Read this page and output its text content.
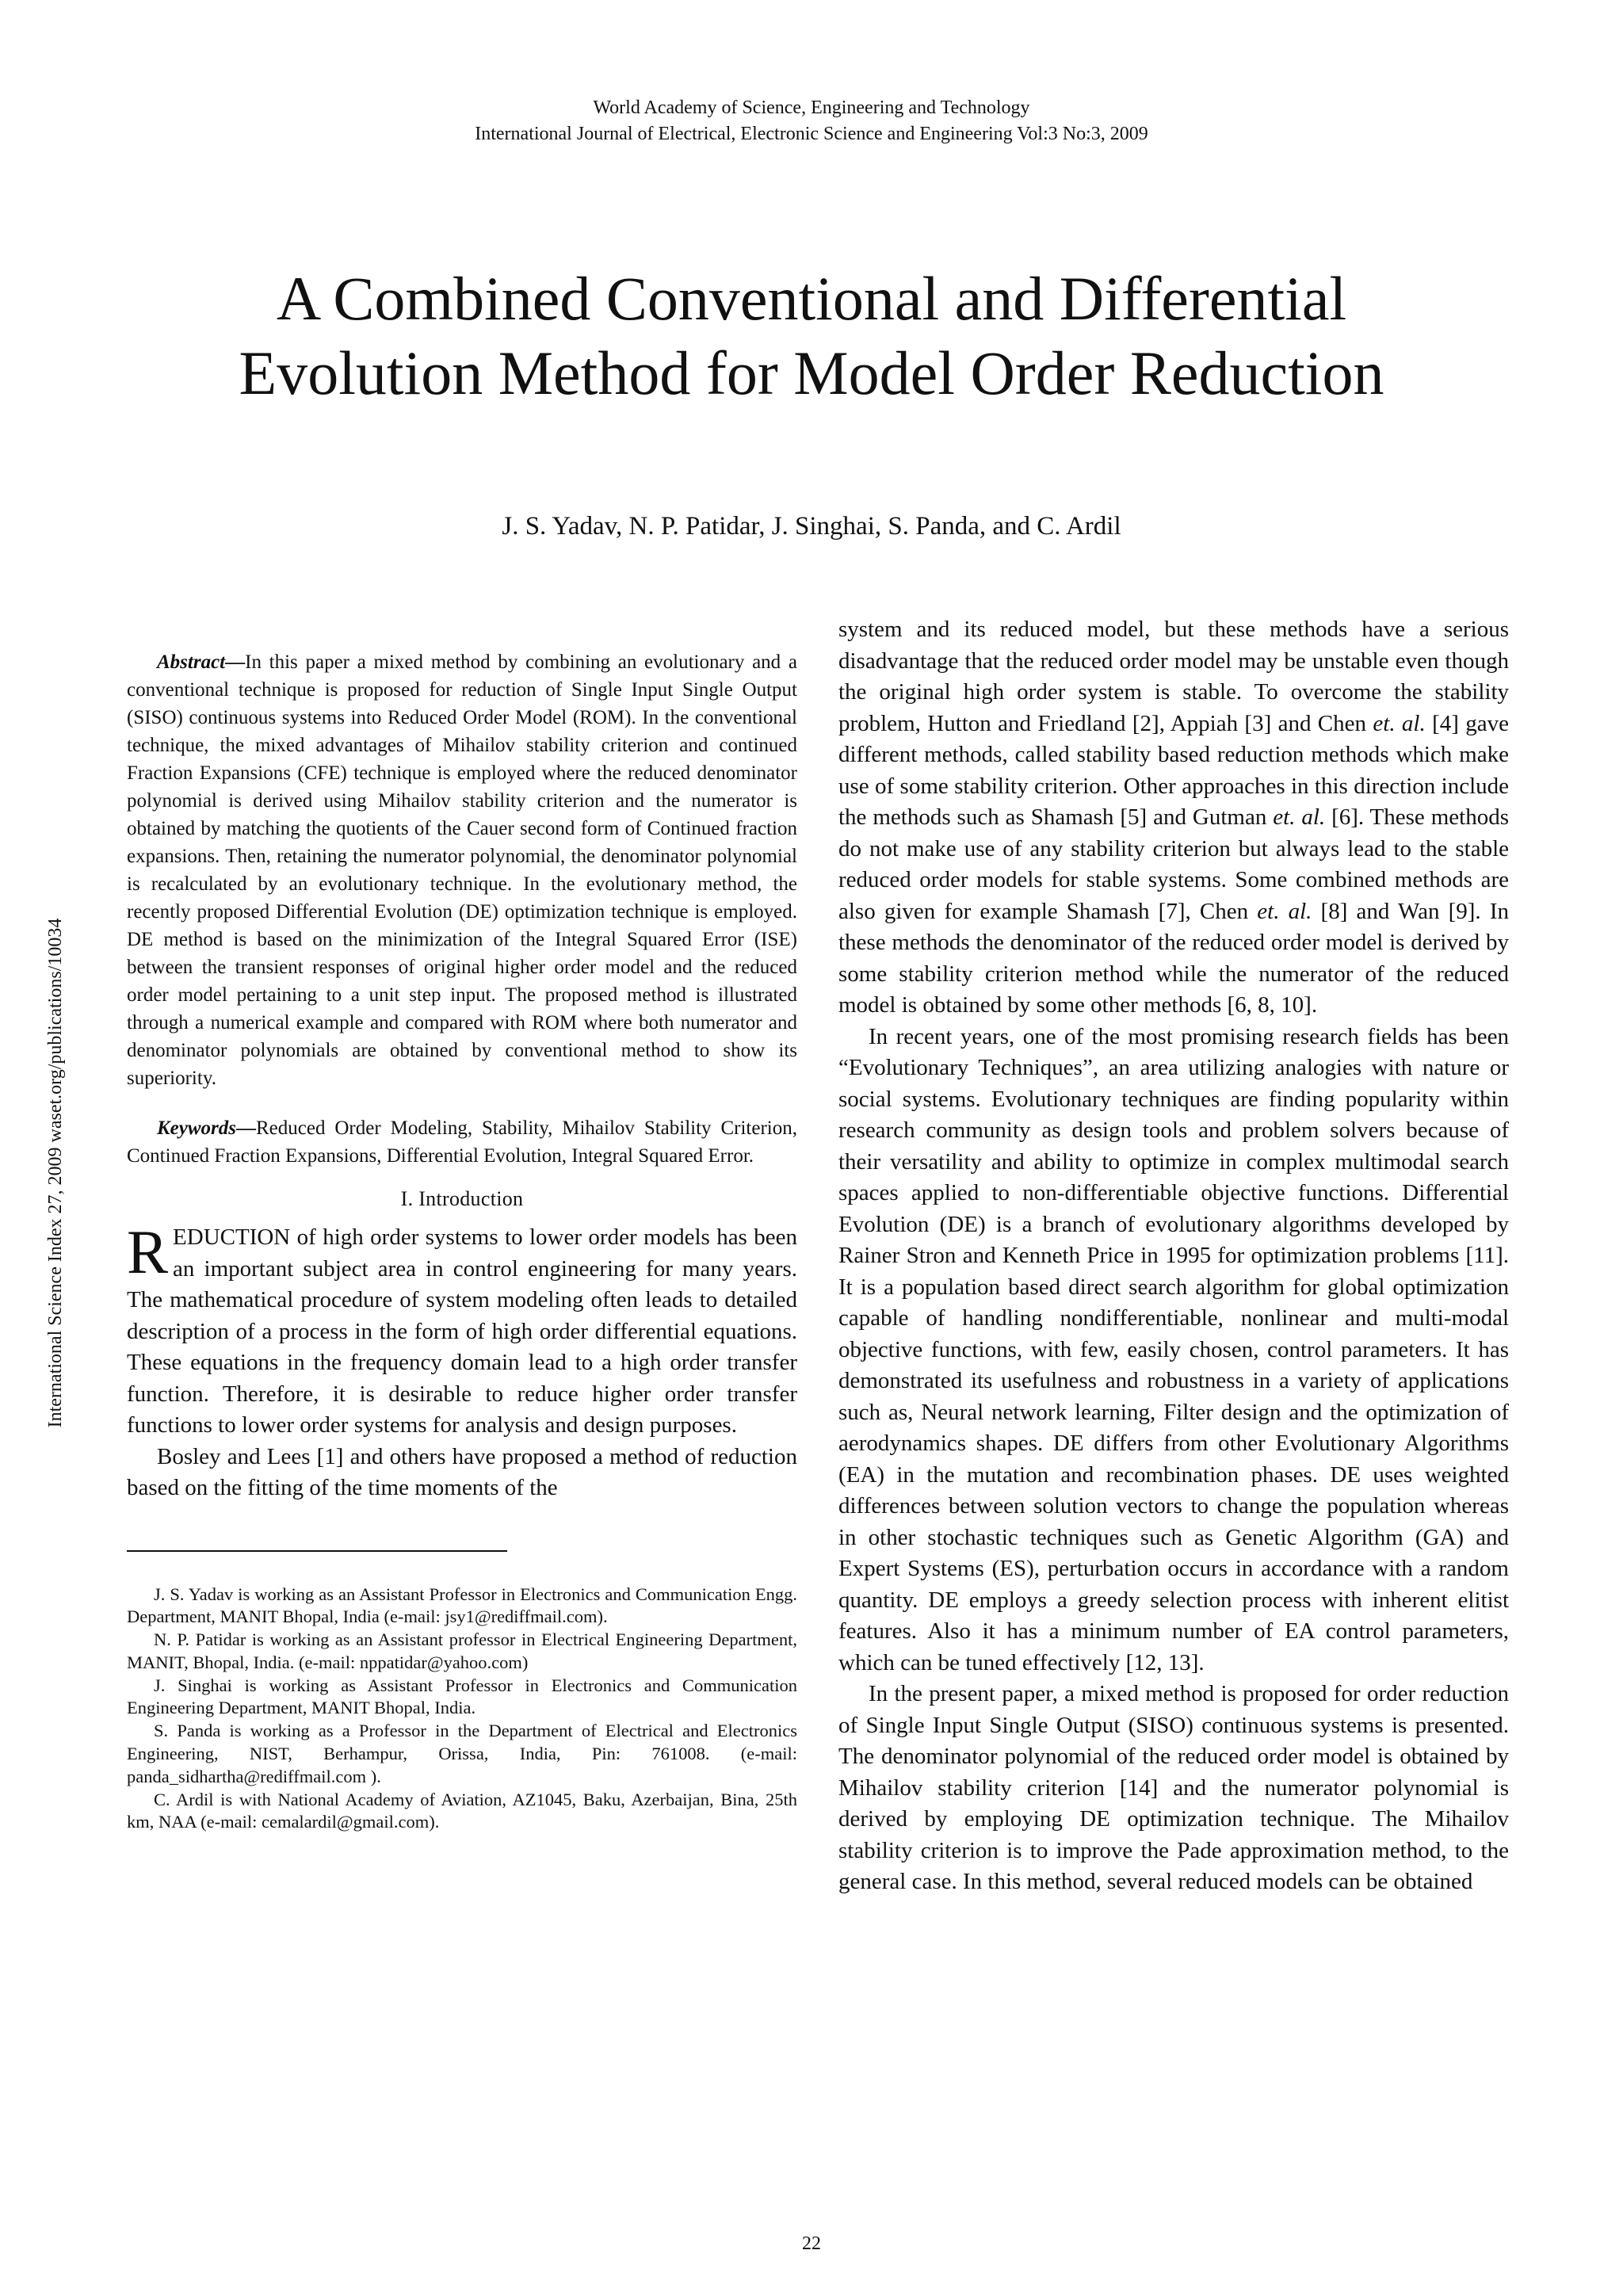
World Academy of Science, Engineering and Technology
International Journal of Electrical, Electronic Science and Engineering Vol:3 No:3, 2009
A Combined Conventional and Differential
Evolution Method for Model Order Reduction
J. S. Yadav, N. P. Patidar, J. Singhai, S. Panda, and C. Ardil
International Science Index 27, 2009 waset.org/publications/10034

Abstract—In this paper a mixed method by combining an evolutionary and a conventional technique is proposed for reduction of Single Input Single Output (SISO) continuous systems into Reduced Order Model (ROM). In the conventional technique, the mixed advantages of Mihailov stability criterion and continued Fraction Expansions (CFE) technique is employed where the reduced denominator polynomial is derived using Mihailov stability criterion and the numerator is obtained by matching the quotients of the Cauer second form of Continued fraction expansions. Then, retaining the numerator polynomial, the denominator polynomial is recalculated by an evolutionary technique. In the evolutionary method, the recently proposed Differential Evolution (DE) optimization technique is employed. DE method is based on the minimization of the Integral Squared Error (ISE) between the transient responses of original higher order model and the reduced order model pertaining to a unit step input. The proposed method is illustrated through a numerical example and compared with ROM where both numerator and denominator polynomials are obtained by conventional method to show its superiority.

Keywords—Reduced Order Modeling, Stability, Mihailov Stability Criterion, Continued Fraction Expansions, Differential Evolution, Integral Squared Error.

I. Introduction

REDUCTION of high order systems to lower order models has been an important subject area in control engineering for many years. The mathematical procedure of system modeling often leads to detailed description of a process in the form of high order differential equations. These equations in the frequency domain lead to a high order transfer function. Therefore, it is desirable to reduce higher order transfer functions to lower order systems for analysis and design purposes.

Bosley and Lees [1] and others have proposed a method of reduction based on the fitting of the time moments of the

J. S. Yadav is working as an Assistant Professor in Electronics and Communication Engg. Department, MANIT Bhopal, India (e-mail: jsy1@rediffmail.com).

N. P. Patidar is working as an Assistant professor in Electrical Engineering Department, MANIT, Bhopal, India. (e-mail: nppatidar@yahoo.com)

J. Singhai is working as Assistant Professor in Electronics and Communication Engineering Department, MANIT Bhopal, India.

S. Panda is working as a Professor in the Department of Electrical and Electronics Engineering, NIST, Berhampur, Orissa, India, Pin: 761008. (e-mail: panda_sidhartha@rediffmail.com ).

C. Ardil is with National Academy of Aviation, AZ1045, Baku, Azerbaijan, Bina, 25th km, NAA (e-mail: cemalardil@gmail.com).

system and its reduced model, but these methods have a serious disadvantage that the reduced order model may be unstable even though the original high order system is stable. To overcome the stability problem, Hutton and Friedland [2], Appiah [3] and Chen et. al. [4] gave different methods, called stability based reduction methods which make use of some stability criterion. Other approaches in this direction include the methods such as Shamash [5] and Gutman et. al. [6]. These methods do not make use of any stability criterion but always lead to the stable reduced order models for stable systems. Some combined methods are also given for example Shamash [7], Chen et. al. [8] and Wan [9]. In these methods the denominator of the reduced order model is derived by some stability criterion method while the numerator of the reduced model is obtained by some other methods [6, 8, 10].

In recent years, one of the most promising research fields has been “Evolutionary Techniques”, an area utilizing analogies with nature or social systems. Evolutionary techniques are finding popularity within research community as design tools and problem solvers because of their versatility and ability to optimize in complex multimodal search spaces applied to non-differentiable objective functions. Differential Evolution (DE) is a branch of evolutionary algorithms developed by Rainer Stron and Kenneth Price in 1995 for optimization problems [11]. It is a population based direct search algorithm for global optimization capable of handling nondifferentiable, nonlinear and multi-modal objective functions, with few, easily chosen, control parameters. It has demonstrated its usefulness and robustness in a variety of applications such as, Neural network learning, Filter design and the optimization of aerodynamics shapes. DE differs from other Evolutionary Algorithms (EA) in the mutation and recombination phases. DE uses weighted differences between solution vectors to change the population whereas in other stochastic techniques such as Genetic Algorithm (GA) and Expert Systems (ES), perturbation occurs in accordance with a random quantity. DE employs a greedy selection process with inherent elitist features. Also it has a minimum number of EA control parameters, which can be tuned effectively [12, 13].

In the present paper, a mixed method is proposed for order reduction of Single Input Single Output (SISO) continuous systems is presented. The denominator polynomial of the reduced order model is obtained by Mihailov stability criterion [14] and the numerator polynomial is derived by employing DE optimization technique. The Mihailov stability criterion is to improve the Pade approximation method, to the general case. In this method, several reduced models can be obtained

22
